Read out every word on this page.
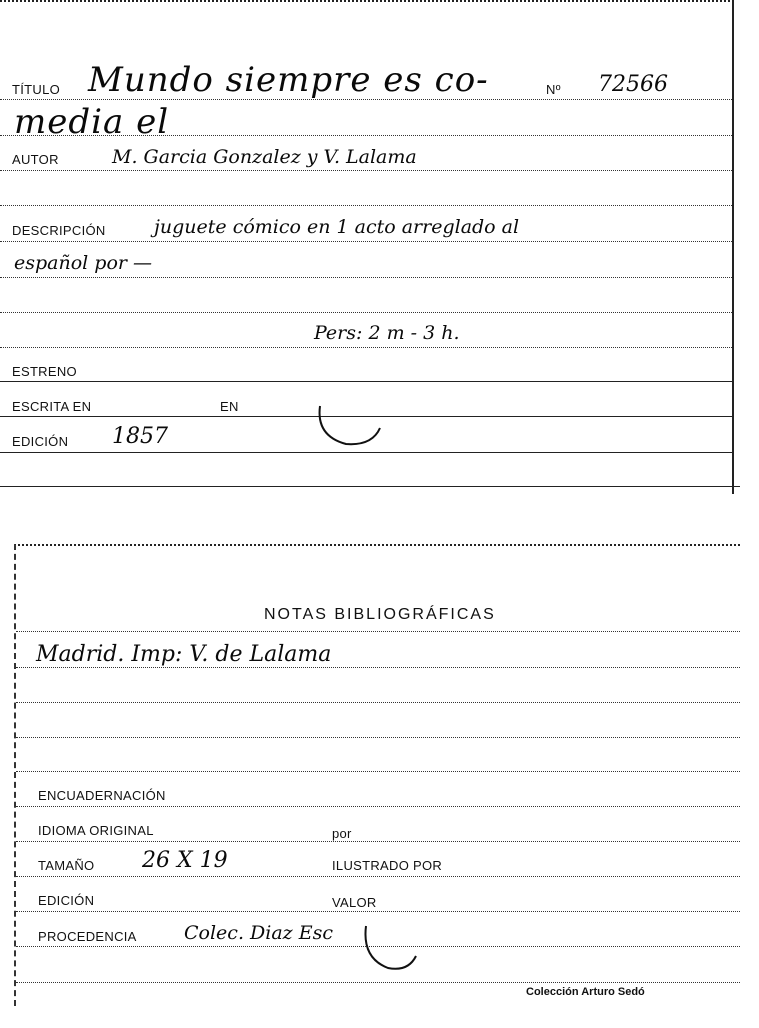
TÍTULO Mundo siempre es co-	Nº 72566
media el
AUTOR	M. Garcia Gonzalez y V. Lalama
DESCRIPCIÓN	juguete cómico en 1 acto arreglado al
español por —
Pers: 2 m - 3 h.
ESTRENO
ESCRITA EN	EN
EDICIÓN 1857
NOTAS BIBLIOGRÁFICAS
Madrid. Imp: V. de Lalama
ENCUADERNACIÓN
IDIOMA ORIGINAL	por
TAMAÑO 26 X 19	ILUSTRADO POR
EDICIÓN	VALOR
PROCEDENCIA Colec. Diaz Esc
Colección Arturo Sedó
